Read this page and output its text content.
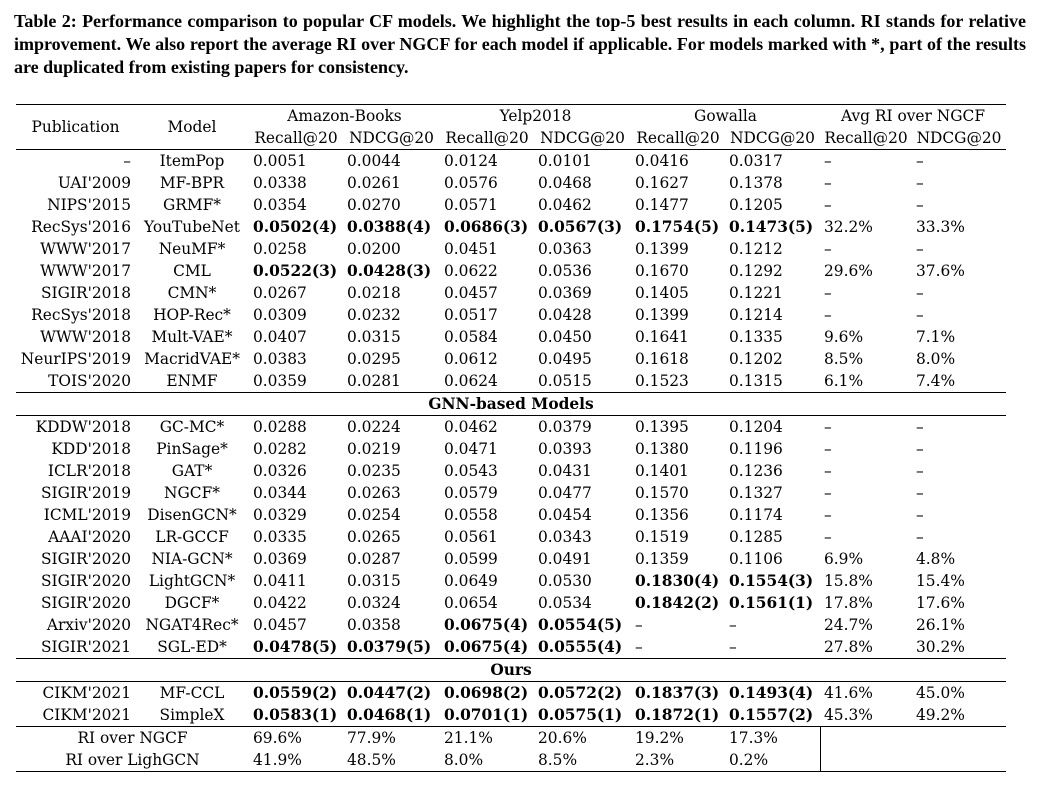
Table 2: Performance comparison to popular CF models. We highlight the top-5 best results in each column. RI stands for relative improvement. We also report the average RI over NGCF for each model if applicable. For models marked with *, part of the results are duplicated from existing papers for consistency.
Publication	Model	Amazon-Books		Yelp2018		Gowalla		Avg RI over NGCF	
		Recall@20	NDCG@20	Recall@20	NDCG@20	Recall@20	NDCG@20	Recall@20	NDCG@20
–	ItemPop	0.0051	0.0044	0.0124	0.0101	0.0416	0.0317	–	–
UAI'2009	MF-BPR	0.0338	0.0261	0.0576	0.0468	0.1627	0.1378	–	–
NIPS'2015	GRMF*	0.0354	0.0270	0.0571	0.0462	0.1477	0.1205	–	–
RecSys'2016	YouTubeNet	0.0502(4)	0.0388(4)	0.0686(3)	0.0567(3)	0.1754(5)	0.1473(5)	32.2%	33.3%
WWW'2017	NeuMF*	0.0258	0.0200	0.0451	0.0363	0.1399	0.1212	–	–
WWW'2017	CML	0.0522(3)	0.0428(3)	0.0622	0.0536	0.1670	0.1292	29.6%	37.6%
SIGIR'2018	CMN*	0.0267	0.0218	0.0457	0.0369	0.1405	0.1221	–	–
RecSys'2018	HOP-Rec*	0.0309	0.0232	0.0517	0.0428	0.1399	0.1214	–	–
WWW'2018	Mult-VAE*	0.0407	0.0315	0.0584	0.0450	0.1641	0.1335	9.6%	7.1%
NeurIPS'2019	MacridVAE*	0.0383	0.0295	0.0612	0.0495	0.1618	0.1202	8.5%	8.0%
TOIS'2020	ENMF	0.0359	0.0281	0.0624	0.0515	0.1523	0.1315	6.1%	7.4%
GNN-based Models									
KDDW'2018	GC-MC*	0.0288	0.0224	0.0462	0.0379	0.1395	0.1204	–	–
KDD'2018	PinSage*	0.0282	0.0219	0.0471	0.0393	0.1380	0.1196	–	–
ICLR'2018	GAT*	0.0326	0.0235	0.0543	0.0431	0.1401	0.1236	–	–
SIGIR'2019	NGCF*	0.0344	0.0263	0.0579	0.0477	0.1570	0.1327	–	–
ICML'2019	DisenGCN*	0.0329	0.0254	0.0558	0.0454	0.1356	0.1174	–	–
AAAI'2020	LR-GCCF	0.0335	0.0265	0.0561	0.0343	0.1519	0.1285	–	–
SIGIR'2020	NIA-GCN*	0.0369	0.0287	0.0599	0.0491	0.1359	0.1106	6.9%	4.8%
SIGIR'2020	LightGCN*	0.0411	0.0315	0.0649	0.0530	0.1830(4)	0.1554(3)	15.8%	15.4%
SIGIR'2020	DGCF*	0.0422	0.0324	0.0654	0.0534	0.1842(2)	0.1561(1)	17.8%	17.6%
Arxiv'2020	NGAT4Rec*	0.0457	0.0358	0.0675(4)	0.0554(5)	–	–	24.7%	26.1%
SIGIR'2021	SGL-ED*	0.0478(5)	0.0379(5)	0.0675(4)	0.0555(4)	–	–	27.8%	30.2%
Ours									
CIKM'2021	MF-CCL	0.0559(2)	0.0447(2)	0.0698(2)	0.0572(2)	0.1837(3)	0.1493(4)	41.6%	45.0%
CIKM'2021	SimpleX	0.0583(1)	0.0468(1)	0.0701(1)	0.0575(1)	0.1872(1)	0.1557(2)	45.3%	49.2%
RI over NGCF		69.6%	77.9%	21.1%	20.6%	19.2%	17.3%		
RI over LighGCN		41.9%	48.5%	8.0%	8.5%	2.3%	0.2%		
